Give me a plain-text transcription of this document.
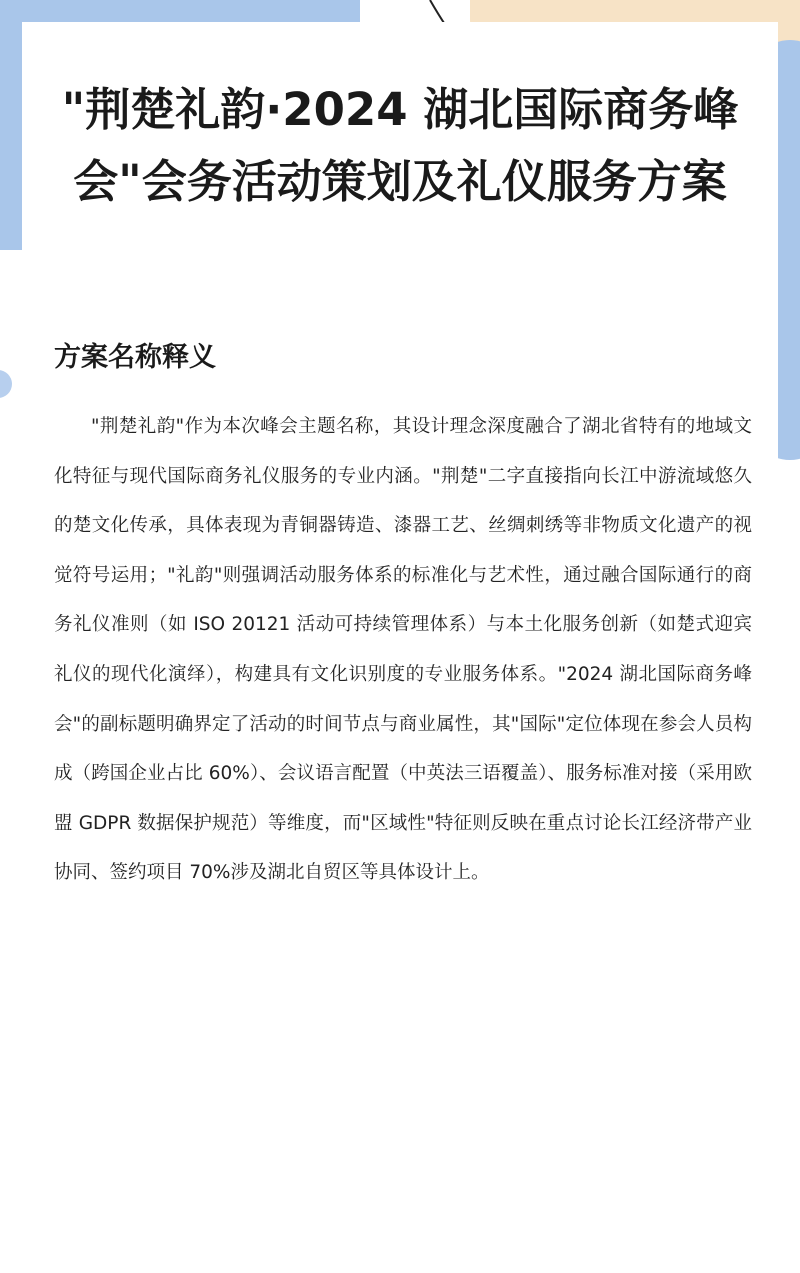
"荆楚礼韵·2024 湖北国际商务峰会"会务活动策划及礼仪服务方案
方案名称释义

"荆楚礼韵"作为本次峰会主题名称，其设计理念深度融合了湖北省特有的地域文化特征与现代国际商务礼仪服务的专业内涵。"荆楚"二字直接指向长江中游流域悠久的楚文化传承，具体表现为青铜器铸造、漆器工艺、丝绸刺绣等非物质文化遗产的视觉符号运用；"礼韵"则强调活动服务体系的标准化与艺术性，通过融合国际通行的商务礼仪准则（如 ISO 20121 活动可持续管理体系）与本土化服务创新（如楚式迎宾礼仪的现代化演绎），构建具有文化识别度的专业服务体系。"2024 湖北国际商务峰会"的副标题明确界定了活动的时间节点与商业属性，其"国际"定位体现在参会人员构成（跨国企业占比 60%）、会议语言配置（中英法三语覆盖）、服务标准对接（采用欧盟 GDPR 数据保护规范）等维度，而"区域性"特征则反映在重点讨论长江经济带产业协同、签约项目 70%涉及湖北自贸区等具体设计上。
